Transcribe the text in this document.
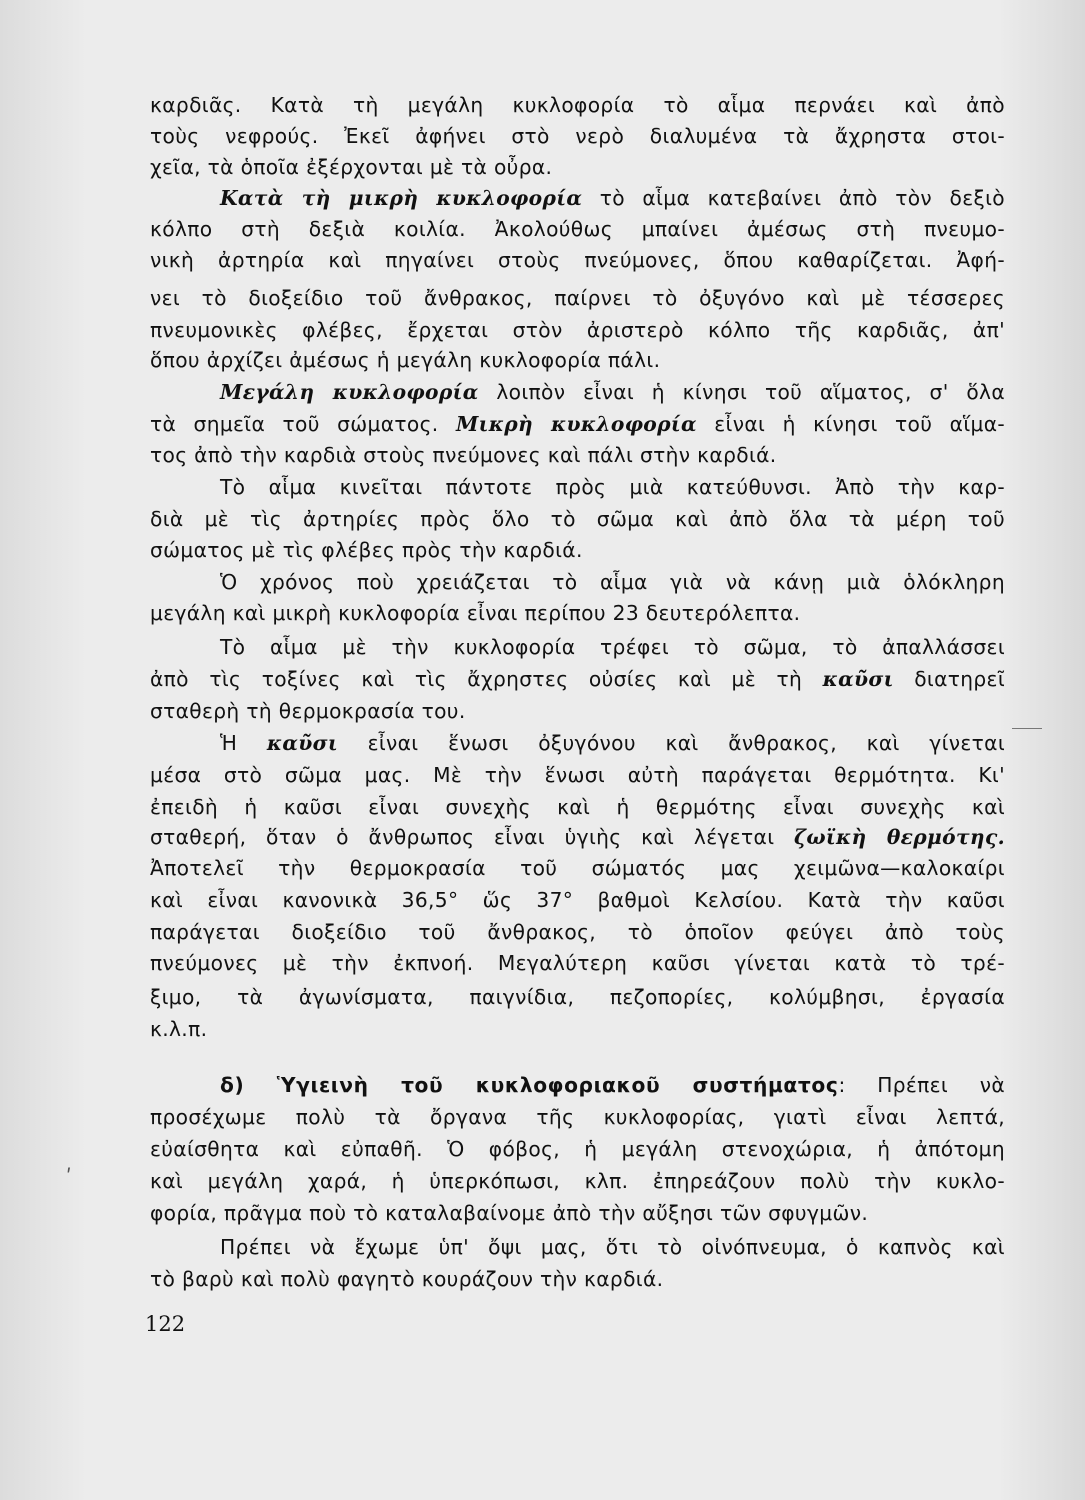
καρδιᾶς. Κατὰ τὴ μεγάλη κυκλοφορία τὸ αἷμα περνάει καὶ ἀπὸ
τοὺς νεφρούς. Ἐκεῖ ἀφήνει στὸ νερὸ διαλυμένα τὰ ἄχρηστα στοι-
χεῖα, τὰ ὁποῖα ἐξέρχονται μὲ τὰ οὖρα.
Κατὰ τὴ μικρὴ κυκλοφορία τὸ αἷμα κατεβαίνει ἀπὸ τὸν δεξιὸ
κόλπο στὴ δεξιὰ κοιλία. Ἀκολούθως μπαίνει ἀμέσως στὴ πνευμο-
νικὴ ἀρτηρία καὶ πηγαίνει στοὺς πνεύμονες, ὅπου καθαρίζεται. Ἀφή-
νει τὸ διοξείδιο τοῦ ἄνθρακος, παίρνει τὸ ὀξυγόνο καὶ μὲ τέσσερες
πνευμονικὲς φλέβες, ἔρχεται στὸν ἀριστερὸ κόλπο τῆς καρδιᾶς, ἀπ'
ὅπου ἀρχίζει ἀμέσως ἡ μεγάλη κυκλοφορία πάλι.
Μεγάλη κυκλοφορία λοιπὸν εἶναι ἡ κίνησι τοῦ αἵματος, σ' ὅλα
τὰ σημεῖα τοῦ σώματος. Μικρὴ κυκλοφορία εἶναι ἡ κίνησι τοῦ αἵμα-
τος ἀπὸ τὴν καρδιὰ στοὺς πνεύμονες καὶ πάλι στὴν καρδιά.
Τὸ αἷμα κινεῖται πάντοτε πρὸς μιὰ κατεύθυνσι. Ἀπὸ τὴν καρ-
διὰ μὲ τὶς ἀρτηρίες πρὸς ὅλο τὸ σῶμα καὶ ἀπὸ ὅλα τὰ μέρη τοῦ
σώματος μὲ τὶς φλέβες πρὸς τὴν καρδιά.
Ὁ χρόνος ποὺ χρειάζεται τὸ αἷμα γιὰ νὰ κάνῃ μιὰ ὁλόκληρη
μεγάλη καὶ μικρὴ κυκλοφορία εἶναι περίπου 23 δευτερόλεπτα.
Τὸ αἷμα μὲ τὴν κυκλοφορία τρέφει τὸ σῶμα, τὸ ἀπαλλάσσει
ἀπὸ τὶς τοξίνες καὶ τὶς ἄχρηστες οὐσίες καὶ μὲ τὴ καῦσι διατηρεῖ
σταθερὴ τὴ θερμοκρασία του.
Ἡ καῦσι εἶναι ἕνωσι ὀξυγόνου καὶ ἄνθρακος, καὶ γίνεται
μέσα στὸ σῶμα μας. Μὲ τὴν ἕνωσι αὐτὴ παράγεται θερμότητα. Κι'
ἐπειδὴ ἡ καῦσι εἶναι συνεχὴς καὶ ἡ θερμότης εἶναι συνεχὴς καὶ
σταθερή, ὅταν ὁ ἄνθρωπος εἶναι ὑγιὴς καὶ λέγεται ζωϊκὴ θερμότης.
Ἀποτελεῖ τὴν θερμοκρασία τοῦ σώματός μας χειμῶνα—καλοκαίρι
καὶ εἶναι κανονικὰ 36,5° ὥς 37° βαθμοὶ Κελσίου. Κατὰ τὴν καῦσι
παράγεται διοξείδιο τοῦ ἄνθρακος, τὸ ὁποῖον φεύγει ἀπὸ τοὺς
πνεύμονες μὲ τὴν ἐκπνοή. Μεγαλύτερη καῦσι γίνεται κατὰ τὸ τρέ-
ξιμο, τὰ ἀγωνίσματα, παιγνίδια, πεζοπορίες, κολύμβησι, ἐργασία
κ.λ.π.
δ) Ὑγιεινὴ τοῦ κυκλοφοριακοῦ συστήματος: Πρέπει νὰ
προσέχωμε πολὺ τὰ ὄργανα τῆς κυκλοφορίας, γιατὶ εἶναι λεπτά,
εὐαίσθητα καὶ εὐπαθῆ. Ὁ φόβος, ἡ μεγάλη στενοχώρια, ἡ ἀπότομη
καὶ μεγάλη χαρά, ἡ ὑπερκόπωσι, κλπ. ἐπηρεάζουν πολὺ τὴν κυκλο-
φορία, πρᾶγμα ποὺ τὸ καταλαβαίνομε ἀπὸ τὴν αὔξησι τῶν σφυγμῶν.
Πρέπει νὰ ἔχωμε ὑπ' ὄψι μας, ὅτι τὸ οἰνόπνευμα, ὁ καπνὸς καὶ
τὸ βαρὺ καὶ πολὺ φαγητὸ κουράζουν τὴν καρδιά.
122
ʹ
